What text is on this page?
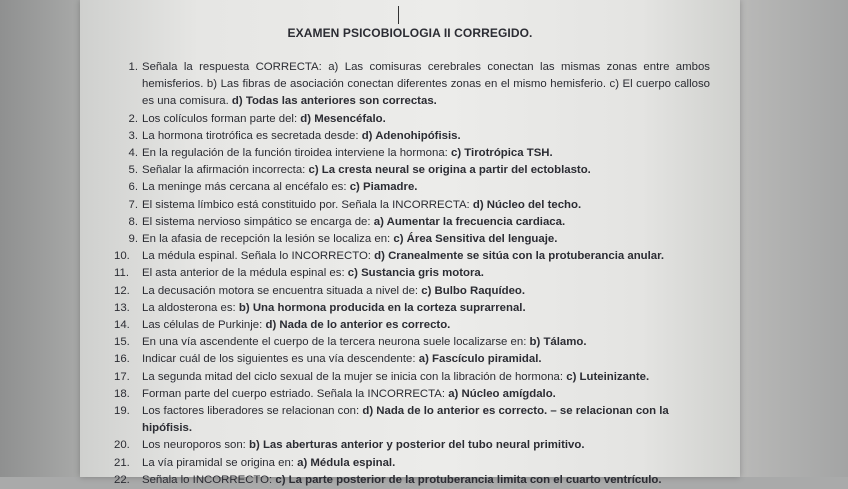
EXAMEN PSICOBIOLOGIA II CORREGIDO.
1. Señala la respuesta CORRECTA: a) Las comisuras cerebrales conectan las mismas zonas entre ambos hemisferios. b) Las fibras de asociación conectan diferentes zonas en el mismo hemisferio. c) El cuerpo calloso es una comisura. d) Todas las anteriores son correctas.
2. Los colículos forman parte del: d) Mesencéfalo.
3. La hormona tirotrófica es secretada desde: d) Adenohipófisis.
4. En la regulación de la función tiroidea interviene la hormona: c) Tirotrópica TSH.
5. Señalar la afirmación incorrecta: c) La cresta neural se origina a partir del ectoblasto.
6. La meninge más cercana al encéfalo es: c) Piamadre.
7. El sistema límbico está constituido por. Señala la INCORRECTA: d) Núcleo del techo.
8. El sistema nervioso simpático se encarga de: a) Aumentar la frecuencia cardiaca.
9. En la afasia de recepción la lesión se localiza en: c) Área Sensitiva del lenguaje.
10.	La médula espinal. Señala lo INCORRECTO: d) Cranealmente se sitúa con la protuberancia anular.
11.	El asta anterior de la médula espinal es: c) Sustancia gris motora.
12.	La decusación motora se encuentra situada a nivel de: c) Bulbo Raquídeo.
13.	La aldosterona es: b) Una hormona producida en la corteza suprarrenal.
14.	Las células de Purkinje: d) Nada de lo anterior es correcto.
15.	En una vía ascendente el cuerpo de la tercera neurona suele localizarse en: b) Tálamo.
16.	Indicar cuál de los siguientes es una vía descendente: a) Fascículo piramidal.
17.	La segunda mitad del ciclo sexual de la mujer se inicia con la libración de hormona: c) Luteinizante.
18.	Forman parte del cuerpo estriado. Señala la INCORRECTA: a) Núcleo amígdalo.
19.	Los factores liberadores se relacionan con: d) Nada de lo anterior es correcto. – se relacionan con la hipófisis.
20.	Los neuroporos son: b) Las aberturas anterior y posterior del tubo neural primitivo.
21.	La vía piramidal se origina en: a) Médula espinal.
22.	Señala lo INCORRECTO: c) La parte posterior de la protuberancia limita con el cuarto ventrículo.
